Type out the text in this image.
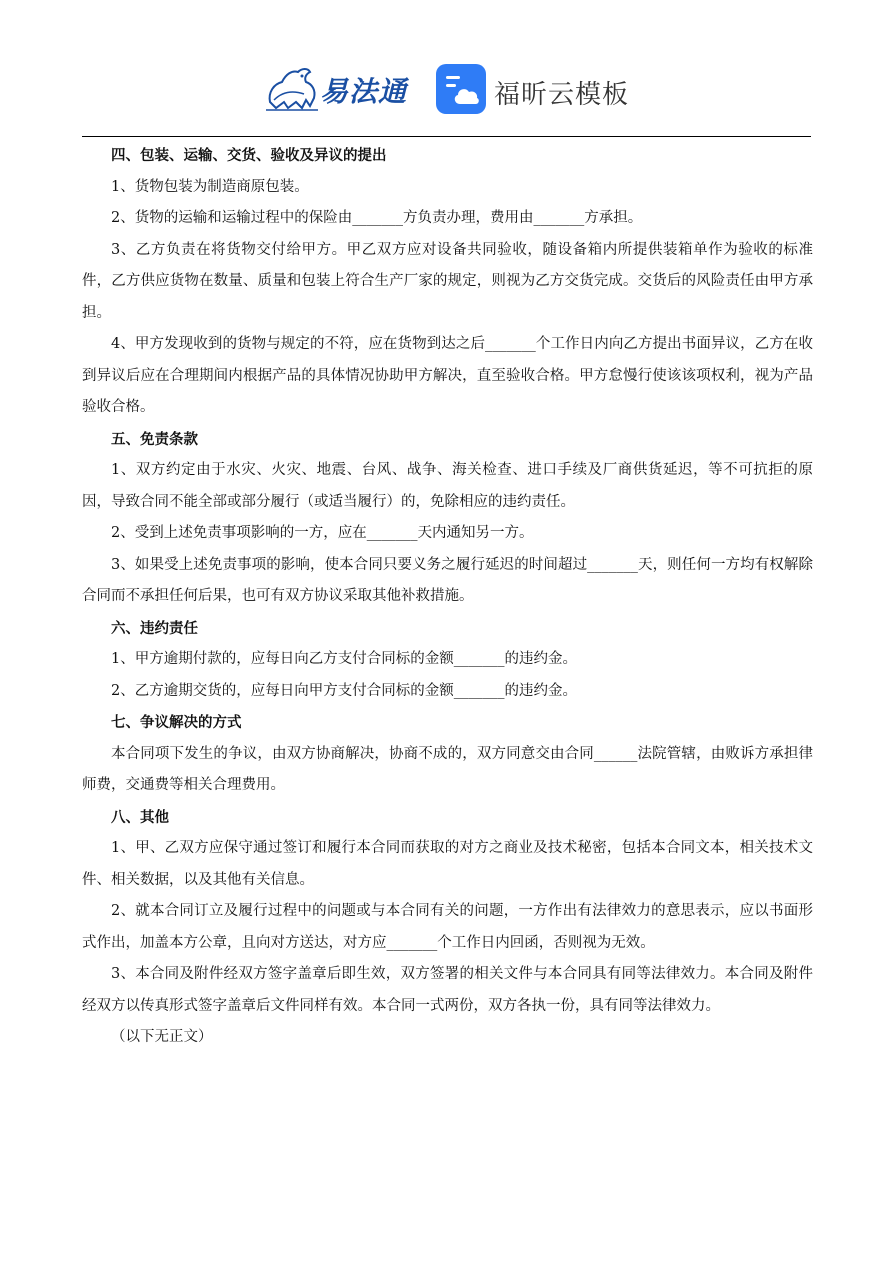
易法通	福昕云模板

四、包装、运输、交货、验收及异议的提出

1、货物包装为制造商原包装。

2、货物的运输和运输过程中的保险由_______方负责办理，费用由_______方承担。

3、乙方负责在将货物交付给甲方。甲乙双方应对设备共同验收，随设备箱内所提供装箱单作为验收的标准件，乙方供应货物在数量、质量和包装上符合生产厂家的规定，则视为乙方交货完成。交货后的风险责任由甲方承担。

4、甲方发现收到的货物与规定的不符，应在货物到达之后_______个工作日内向乙方提出书面异议，乙方在收到异议后应在合理期间内根据产品的具体情况协助甲方解决，直至验收合格。甲方怠慢行使该该项权利，视为产品验收合格。

五、免责条款

1、双方约定由于水灾、火灾、地震、台风、战争、海关检查、进口手续及厂商供货延迟，等不可抗拒的原因，导致合同不能全部或部分履行（或适当履行）的，免除相应的违约责任。

2、受到上述免责事项影响的一方，应在_______天内通知另一方。

3、如果受上述免责事项的影响，使本合同只要义务之履行延迟的时间超过_______天，则任何一方均有权解除合同而不承担任何后果，也可有双方协议采取其他补救措施。

六、违约责任

1、甲方逾期付款的，应每日向乙方支付合同标的金额_______的违约金。

2、乙方逾期交货的，应每日向甲方支付合同标的金额_______的违约金。

七、争议解决的方式

本合同项下发生的争议，由双方协商解决，协商不成的，双方同意交由合同______法院管辖，由败诉方承担律师费，交通费等相关合理费用。

八、其他

1、甲、乙双方应保守通过签订和履行本合同而获取的对方之商业及技术秘密，包括本合同文本，相关技术文件、相关数据，以及其他有关信息。

2、就本合同订立及履行过程中的问题或与本合同有关的问题，一方作出有法律效力的意思表示，应以书面形式作出，加盖本方公章，且向对方送达，对方应_______个工作日内回函，否则视为无效。

3、本合同及附件经双方签字盖章后即生效，双方签署的相关文件与本合同具有同等法律效力。本合同及附件经双方以传真形式签字盖章后文件同样有效。本合同一式两份，双方各执一份，具有同等法律效力。

（以下无正文）
